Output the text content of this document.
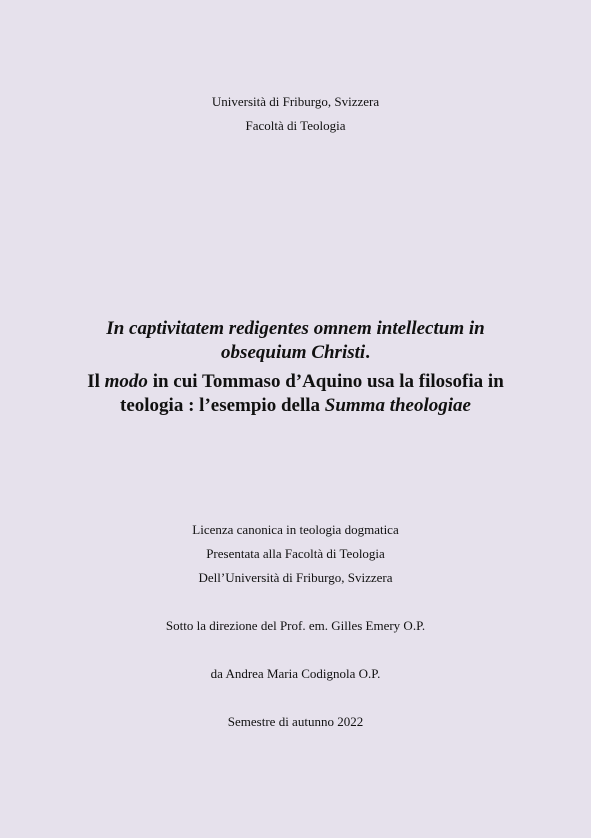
Università di Friburgo, Svizzera
Facoltà di Teologia
In captivitatem redigentes omnem intellectum in
obsequium Christi.
Il modo in cui Tommaso d’Aquino usa la filosofia in
teologia : l’esempio della Summa theologiae
Licenza canonica in teologia dogmatica
Presentata alla Facoltà di Teologia
Dell’Università di Friburgo, Svizzera
Sotto la direzione del Prof. em. Gilles Emery O.P.
da Andrea Maria Codignola O.P.
Semestre di autunno 2022
